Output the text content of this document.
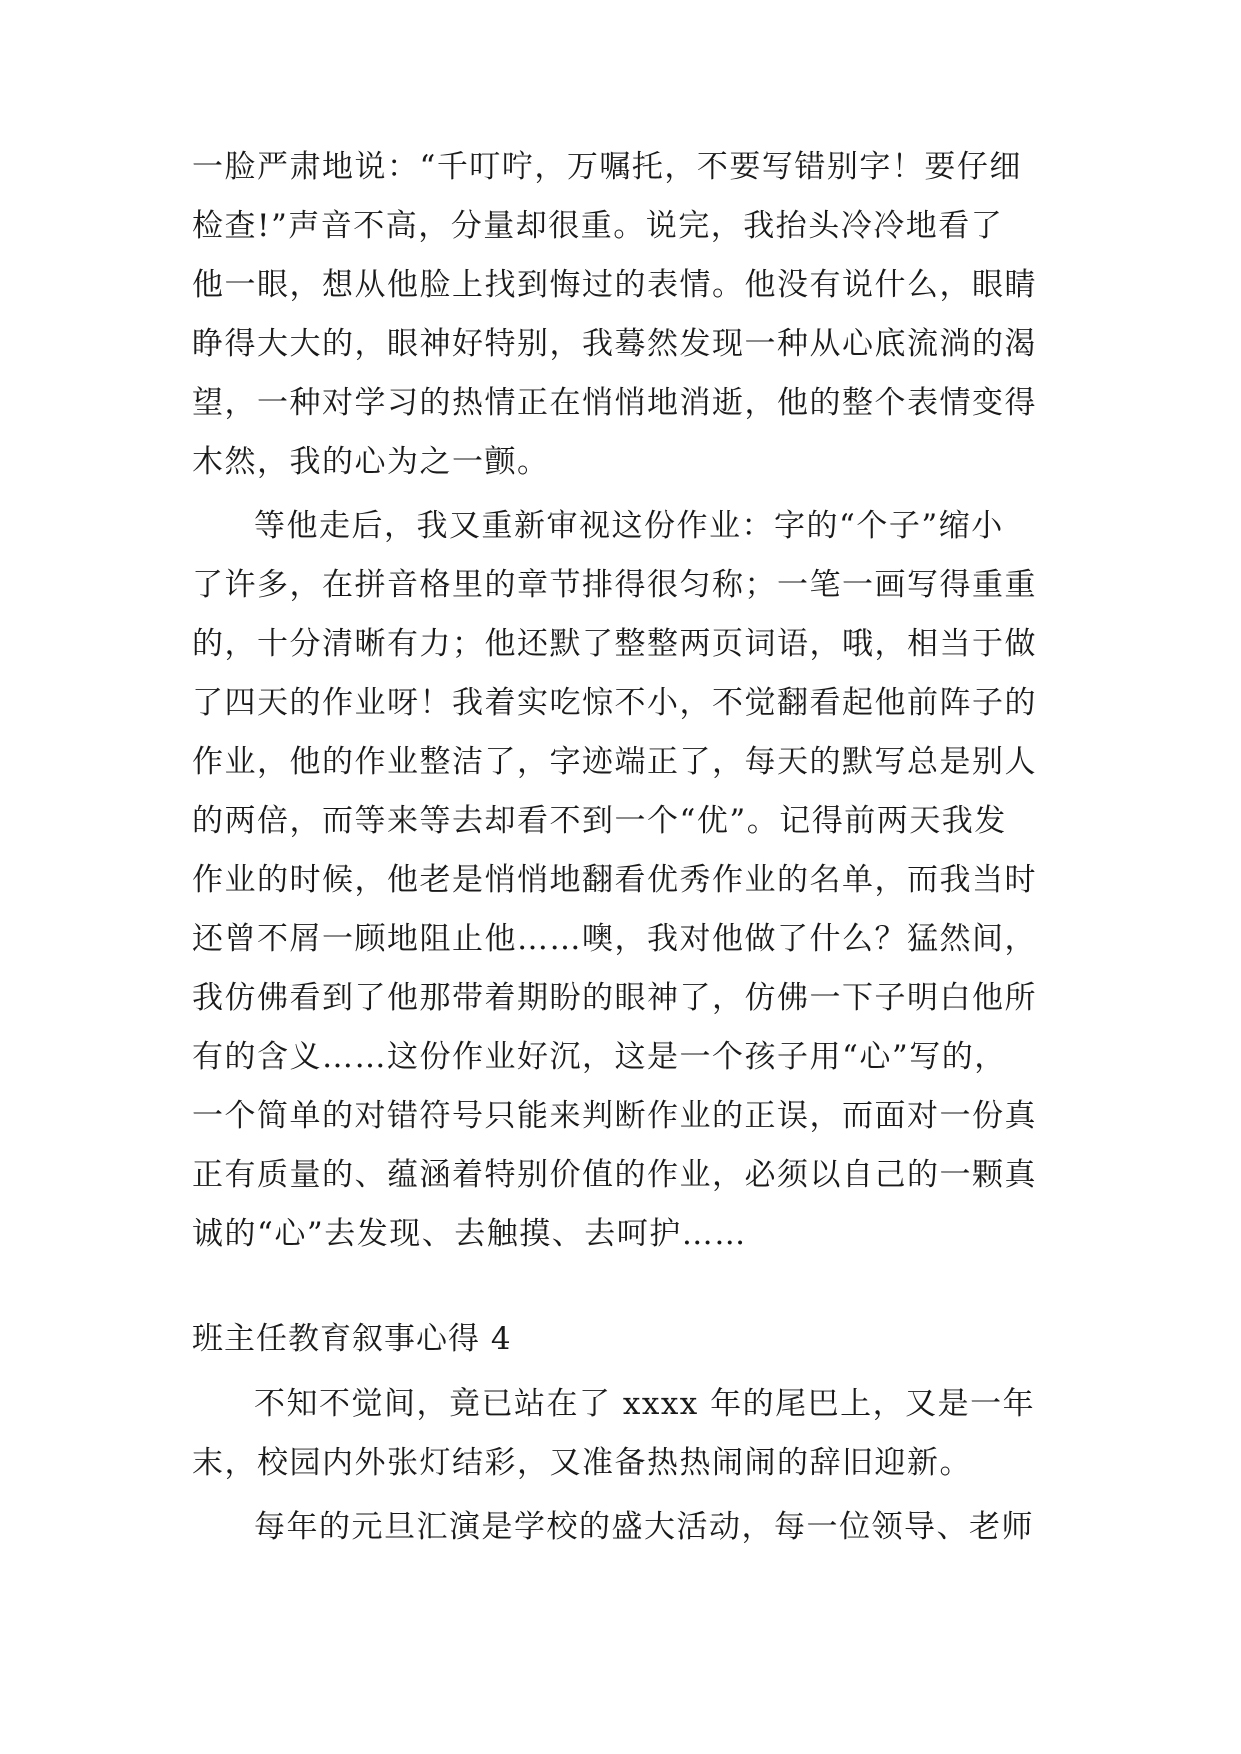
一脸严肃地说：“千叮咛，万嘱托，不要写错别字！要仔细
检查!”声音不高，分量却很重。说完，我抬头冷冷地看了
他一眼，想从他脸上找到悔过的表情。他没有说什么，眼睛
睁得大大的，眼神好特别，我蓦然发现一种从心底流淌的渴
望，一种对学习的热情正在悄悄地消逝，他的整个表情变得
木然，我的心为之一颤。
等他走后，我又重新审视这份作业：字的“个子”缩小
了许多，在拼音格里的章节排得很匀称；一笔一画写得重重
的，十分清晰有力；他还默了整整两页词语，哦，相当于做
了四天的作业呀！我着实吃惊不小，不觉翻看起他前阵子的
作业，他的作业整洁了，字迹端正了，每天的默写总是别人
的两倍，而等来等去却看不到一个“优”。记得前两天我发
作业的时候，他老是悄悄地翻看优秀作业的名单，而我当时
还曾不屑一顾地阻止他……噢，我对他做了什么？猛然间，
我仿佛看到了他那带着期盼的眼神了，仿佛一下子明白他所
有的含义……这份作业好沉，这是一个孩子用“心”写的，
一个简单的对错符号只能来判断作业的正误，而面对一份真
正有质量的、蕴涵着特别价值的作业，必须以自己的一颗真
诚的“心”去发现、去触摸、去呵护……
班主任教育叙事心得 4
不知不觉间，竟已站在了 xxxx 年的尾巴上，又是一年
末，校园内外张灯结彩，又准备热热闹闹的辞旧迎新。
每年的元旦汇演是学校的盛大活动，每一位领导、老师
